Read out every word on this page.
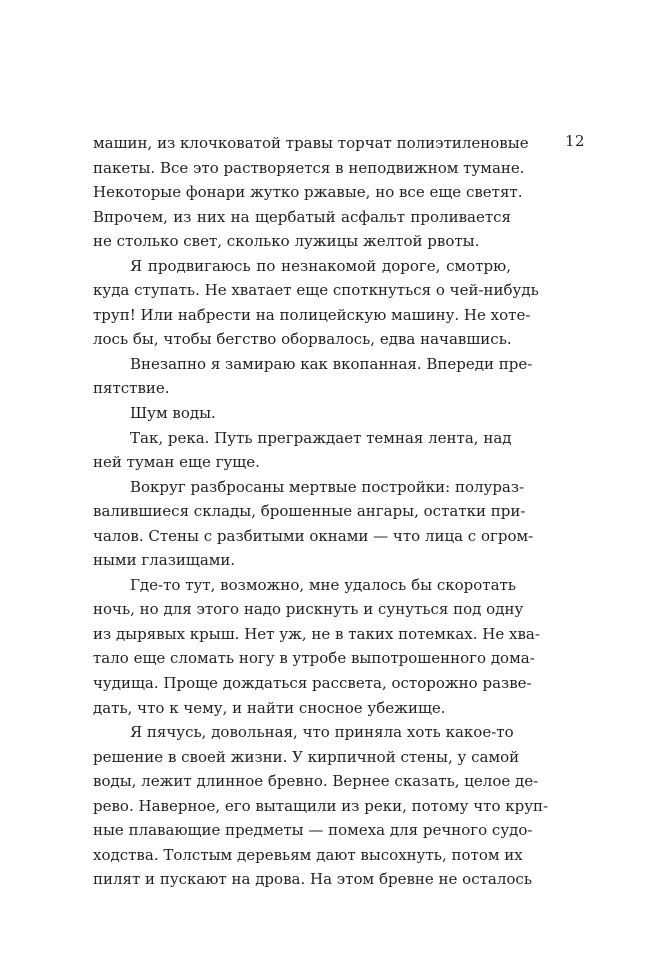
12
машин, из клочковатой травы торчат полиэтиленовые
пакеты. Все это растворяется в неподвижном тумане.
Некоторые фонари жутко ржавые, но все еще светят.
Впрочем, из них на щербатый асфальт проливается
не столько свет, сколько лужицы желтой рвоты.
Я продвигаюсь по незнакомой дороге, смотрю,
куда ступать. Не хватает еще споткнуться о чей-нибудь
труп! Или набрести на полицейскую машину. Не хоте-
лось бы, чтобы бегство оборвалось, едва начавшись.
Внезапно я замираю как вкопанная. Впереди пре-
пятствие.
Шум воды.
Так, река. Путь преграждает темная лента, над
ней туман еще гуще.
Вокруг разбросаны мертвые постройки: полураз-
валившиеся склады, брошенные ангары, остатки при-
чалов. Стены с разбитыми окнами — что лица с огром-
ными глазищами.
Где-то тут, возможно, мне удалось бы скоротать
ночь, но для этого надо рискнуть и сунуться под одну
из дырявых крыш. Нет уж, не в таких потемках. Не хва-
тало еще сломать ногу в утробе выпотрошенного дома-
чудища. Проще дождаться рассвета, осторожно разве-
дать, что к чему, и найти сносное убежище.
Я пячусь, довольная, что приняла хоть какое-то
решение в своей жизни. У кирпичной стены, у самой
воды, лежит длинное бревно. Вернее сказать, целое де-
рево. Наверное, его вытащили из реки, потому что круп-
ные плавающие предметы — помеха для речного судо-
ходства. Толстым деревьям дают высохнуть, потом их
пилят и пускают на дрова. На этом бревне не осталось
